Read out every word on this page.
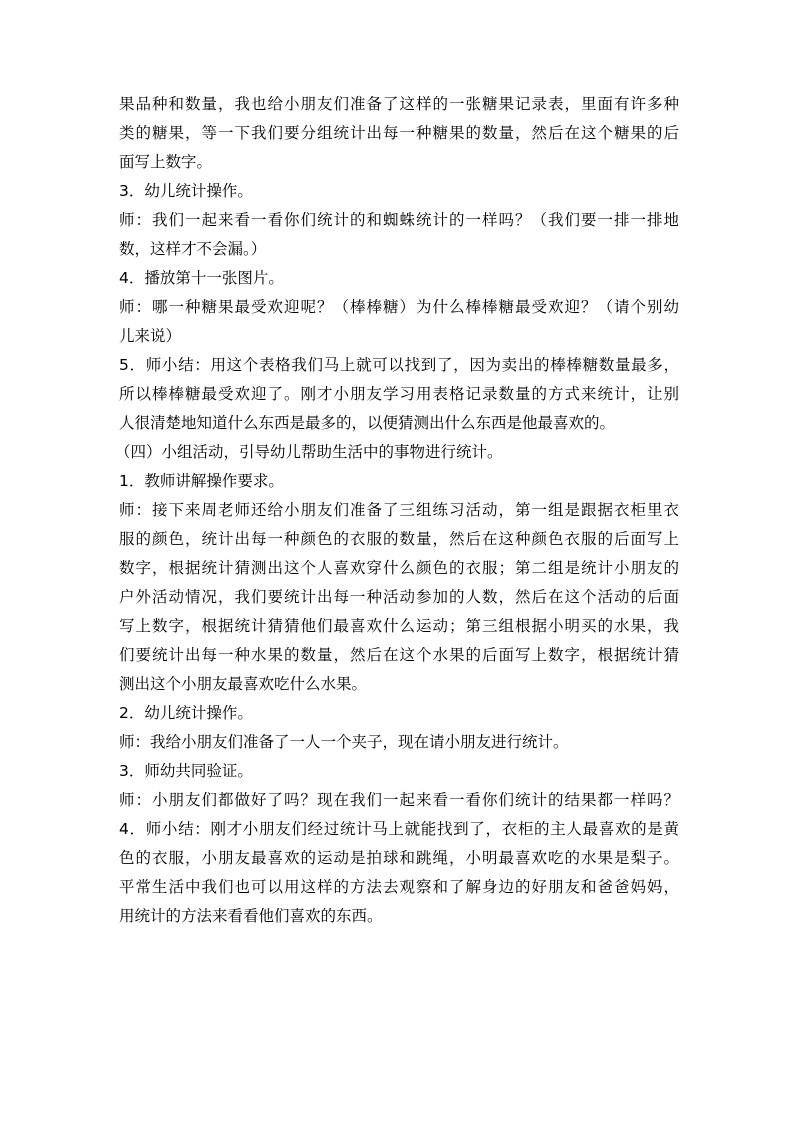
果品种和数量，我也给小朋友们准备了这样的一张糖果记录表，里面有许多种

类的糖果，等一下我们要分组统计出每一种糖果的数量，然后在这个糖果的后

面写上数字。

3．幼儿统计操作。

师：我们一起来看一看你们统计的和蜘蛛统计的一样吗？（我们要一排一排地

数，这样才不会漏。）

4．播放第十一张图片。

师：哪一种糖果最受欢迎呢？（棒棒糖）为什么棒棒糖最受欢迎？（请个别幼

儿来说）

5．师小结：用这个表格我们马上就可以找到了，因为卖出的棒棒糖数量最多，

所以棒棒糖最受欢迎了。刚才小朋友学习用表格记录数量的方式来统计，让别

人很清楚地知道什么东西是最多的，以便猜测出什么东西是他最喜欢的。

（四）小组活动，引导幼儿帮助生活中的事物进行统计。

1．教师讲解操作要求。

师：接下来周老师还给小朋友们准备了三组练习活动，第一组是跟据衣柜里衣

服的颜色，统计出每一种颜色的衣服的数量，然后在这种颜色衣服的后面写上

数字，根据统计猜测出这个人喜欢穿什么颜色的衣服；第二组是统计小朋友的

户外活动情况，我们要统计出每一种活动参加的人数，然后在这个活动的后面

写上数字，根据统计猜猜他们最喜欢什么运动；第三组根据小明买的水果，我

们要统计出每一种水果的数量，然后在这个水果的后面写上数字，根据统计猜

测出这个小朋友最喜欢吃什么水果。

2．幼儿统计操作。

师：我给小朋友们准备了一人一个夹子，现在请小朋友进行统计。

3．师幼共同验证。

师：小朋友们都做好了吗？现在我们一起来看一看你们统计的结果都一样吗？

4．师小结：刚才小朋友们经过统计马上就能找到了，衣柜的主人最喜欢的是黄

色的衣服，小朋友最喜欢的运动是拍球和跳绳，小明最喜欢吃的水果是梨子。

平常生活中我们也可以用这样的方法去观察和了解身边的好朋友和爸爸妈妈，

用统计的方法来看看他们喜欢的东西。
